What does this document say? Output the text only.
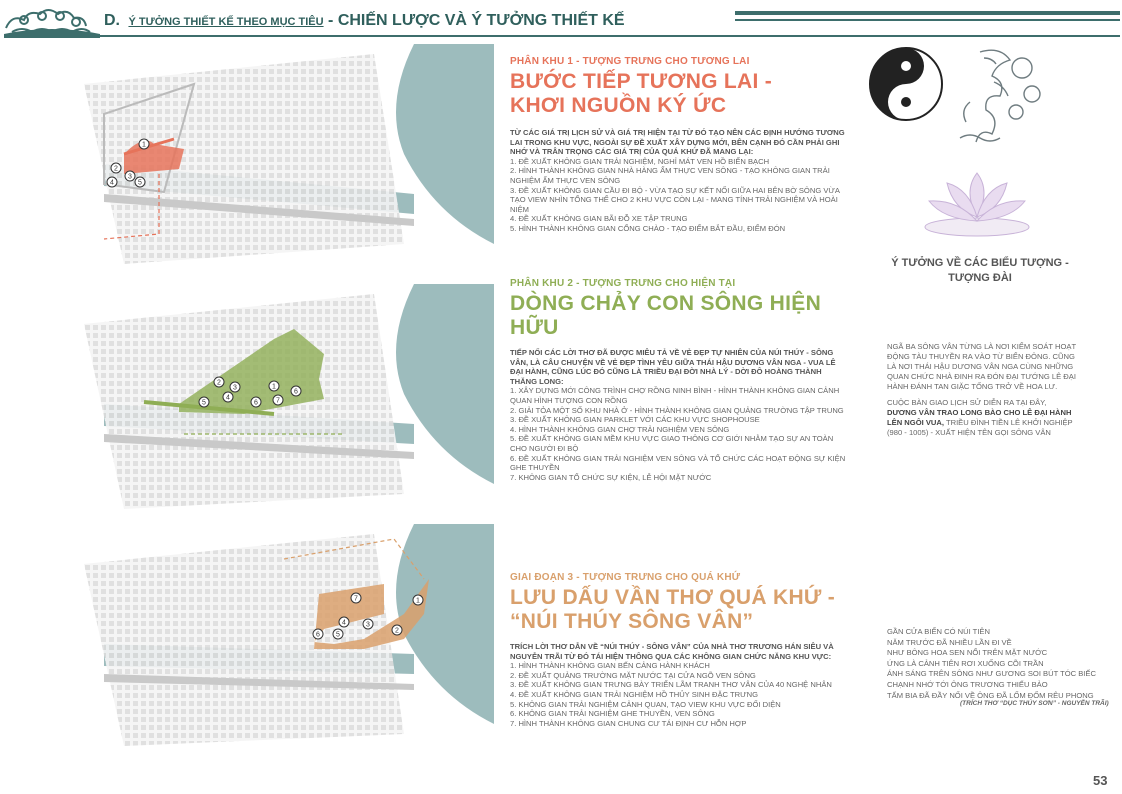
D. Ý TƯỞNG THIẾT KẾ THEO MỤC TIÊU - CHIẾN LƯỢC VÀ Ý TƯỞNG THIẾT KẾ
1
2
3
4	5
1
2
3
4
5	6
6
7
1
2
3
4
5
6
7
PHÂN KHU 1 - TƯỢNG TRƯNG CHO TƯƠNG LAI
BƯỚC TIẾP TƯƠNG LAI -
KHƠI NGUỒN KÝ ỨC
TỪ CÁC GIÁ TRỊ LỊCH SỬ VÀ GIÁ TRỊ HIỆN TẠI TỪ ĐÓ TẠO NÊN CÁC ĐỊNH HƯỚNG TƯƠNG LAI TRONG KHU VỰC, NGOÀI SỰ ĐỀ XUẤT XÂY DỰNG MỚI, BÊN CẠNH ĐÓ CẦN PHẢI GHI NHỚ VÀ TRÂN TRỌNG CÁC GIÁ TRỊ CỦA QUÁ KHỨ ĐÃ MANG LẠI:
1. ĐỀ XUẤT KHÔNG GIAN TRẢI NGHIỆM, NGHỈ MÁT VEN HỒ BIỂN BẠCH
2. HÌNH THÀNH KHÔNG GIAN NHÀ HÀNG ẨM THỰC VEN SÔNG - TẠO KHÔNG GIAN TRẢI NGHIỆM ẨM THỰC VEN SÔNG
3. ĐỀ XUẤT KHÔNG GIAN CẦU ĐI BỘ - VỪA TẠO SỰ KẾT NỐI GIỮA HAI BÊN BỜ SÔNG VỪA TẠO VIEW NHÌN TỔNG THỂ CHO 2 KHU VỰC CÒN LẠI - MANG TÍNH TRẢI NGHIỆM VÀ HOÀI NIỆM
4. ĐỀ XUẤT KHÔNG GIAN BÃI ĐỖ XE TẬP TRUNG
5. HÌNH THÀNH KHÔNG GIAN CỔNG CHÀO - TẠO ĐIỂM BẮT ĐẦU, ĐIỂM ĐÓN
PHÂN KHU 2 - TƯỢNG TRƯNG CHO HIỆN TẠI
DÒNG CHẢY CON SÔNG HIỆN HỮU
TIẾP NỐI CÁC LỜI THƠ ĐÃ ĐƯỢC MIÊU TẢ VỀ VẺ ĐẸP TỰ NHIÊN CỦA NÚI THÚY - SÔNG VÂN, LÀ CÂU CHUYỆN VỀ VẺ ĐẸP TÌNH YÊU GIỮA THÁI HẬU DƯƠNG VÂN NGA - VUA LÊ ĐẠI HÀNH, CŨNG LÚC ĐÓ CŨNG LÀ TRIỀU ĐẠI ĐỜI NHÀ LÝ - DỜI ĐÔ HOÀNG THÀNH THĂNG LONG:
1. XÂY DỰNG MỚI CÔNG TRÌNH CHỢ RỒNG NINH BÌNH - HÌNH THÀNH KHÔNG GIAN CẢNH QUAN HÌNH TƯỢNG CON RỒNG
2. GIẢI TỎA MỘT SỐ KHU NHÀ Ở - HÌNH THÀNH KHÔNG GIAN QUẢNG TRƯỜNG TẬP TRUNG
3. ĐỀ XUẤT KHÔNG GIAN PARKLET VỚI CÁC KHU VỰC SHOPHOUSE
4. HÌNH THÀNH KHÔNG GIAN CHỢ TRẢI NGHIỆM VEN SÔNG
5. ĐỀ XUẤT KHÔNG GIAN MỀM KHU VỰC GIAO THÔNG CƠ GIỚI NHẰM TẠO SỰ AN TOÀN CHO NGƯỜI ĐI BỘ
6. ĐỀ XUẤT KHÔNG GIAN TRẢI NGHIỆM VEN SÔNG VÀ TỔ CHỨC CÁC HOẠT ĐỘNG SỰ KIỆN GHE THUYỀN
7. KHÔNG GIAN TỔ CHỨC SỰ KIỆN, LỄ HỘI MẶT NƯỚC
GIAI ĐOẠN 3 - TƯỢNG TRƯNG CHO QUÁ KHỨ
LƯU DẤU VẦN THƠ QUÁ KHỨ -
“NÚI THÚY SÔNG VÂN”
TRÍCH LỜI THƠ DẪN VỀ “NÚI THÚY - SÔNG VÂN” CỦA NHÀ THƠ TRƯƠNG HÁN SIÊU VÀ NGUYỄN TRÃI TỪ ĐÓ TÁI HIỆN THÔNG QUA CÁC KHÔNG GIAN CHỨC NĂNG KHU VỰC:
1. HÌNH THÀNH KHÔNG GIAN BẾN CẢNG HÀNH KHÁCH
2. ĐỀ XUẤT QUẢNG TRƯỜNG MẶT NƯỚC TẠI CỬA NGÕ VEN SÔNG
3. ĐỀ XUẤT KHÔNG GIAN TRƯNG BÀY TRIỂN LÃM TRANH THƠ VÂN CỦA 40 NGHỆ NHÂN
4. ĐỀ XUẤT KHÔNG GIAN TRẢI NGHIỆM HỒ THỦY SINH ĐẶC TRƯNG
5. KHÔNG GIAN TRẢI NGHIỆM CẢNH QUAN, TẠO VIEW KHU VỰC ĐỐI DIỆN
6. KHÔNG GIAN TRẢI NGHIỆM GHE THUYỀN, VEN SÔNG
7. HÌNH THÀNH KHÔNG GIAN CHUNG CƯ TÁI ĐỊNH CƯ HỖN HỢP
Ý TƯỞNG VỀ CÁC BIỂU TƯỢNG -
TƯỢNG ĐÀI
NGÃ BA SÔNG VÂN TỪNG LÀ NƠI KIỂM SOÁT HOẠT ĐỘNG TÀU THUYỀN RA VÀO TỪ BIỂN ĐÔNG. CŨNG LÀ NƠI THÁI HẬU DƯƠNG VÂN NGA CÙNG NHỮNG QUAN CHỨC NHÀ ĐINH RA ĐÓN ĐẠI TƯỚNG LÊ ĐẠI HÀNH ĐÁNH TAN GIẶC TỐNG TRỞ VỀ HOA LƯ.
CUỘC BÀN GIAO LỊCH SỬ DIỄN RA TẠI ĐÂY, DƯƠNG VÂN TRAO LONG BÀO CHO LÊ ĐẠI HÀNH LÊN NGÔI VUA, TRIỀU ĐÌNH TIỀN LÊ KHỞI NGHIỆP (980 - 1005) - XUẤT HIỆN TÊN GỌI SÔNG VÂN
GẦN CỬA BIỂN CÓ NÚI TIÊN
NĂM TRƯỚC ĐÃ NHIỀU LẦN ĐI VỀ
NHƯ BÔNG HOA SEN NỔI TRÊN MẶT NƯỚC
ỨNG LÀ CẢNH TIÊN RƠI XUỐNG CÕI TRẦN
ÁNH SÁNG TRÊN SÔNG NHƯ GƯƠNG SOI BÚT TÓC BIẾC
CHẠNH NHỚ TỚI ÔNG TRƯƠNG THIẾU BẢO
TẤM BIA ĐÃ ĐẦY NỐI VỀ ÔNG ĐÃ LỐM ĐỐM RÊU PHONG
(TRÍCH THƠ “DỤC THÚY SƠN” - NGUYỄN TRÃI)
53
